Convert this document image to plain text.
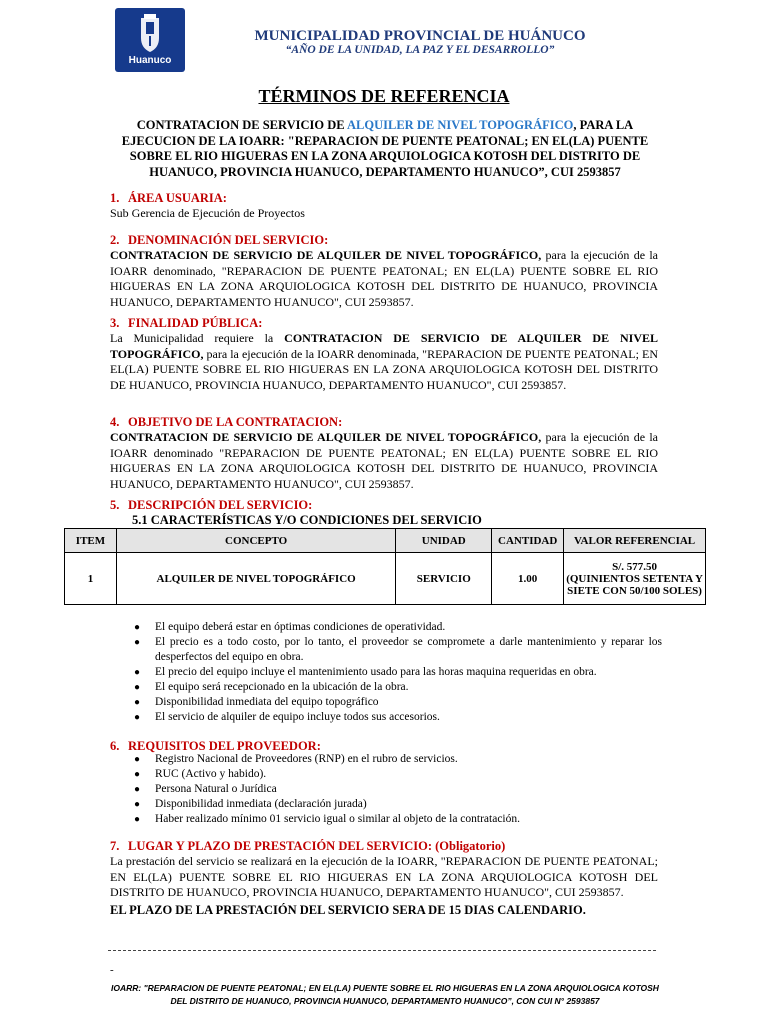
Huanuco
MUNICIPALIDAD PROVINCIAL DE HUÁNUCO
“AÑO DE LA UNIDAD, LA PAZ Y EL DESARROLLO”
TÉRMINOS DE REFERENCIA
CONTRATACION DE SERVICIO DE ALQUILER DE NIVEL TOPOGRÁFICO, PARA LA EJECUCION DE LA IOARR: "REPARACION DE PUENTE PEATONAL; EN EL(LA) PUENTE SOBRE EL RIO HIGUERAS EN LA ZONA ARQUIOLOGICA KOTOSH DEL DISTRITO DE HUANUCO, PROVINCIA HUANUCO, DEPARTAMENTO HUANUCO”, CUI 2593857
1. ÁREA USUARIA:
Sub Gerencia de Ejecución de Proyectos
2. DENOMINACIÓN DEL SERVICIO:
CONTRATACION DE SERVICIO DE ALQUILER DE NIVEL TOPOGRÁFICO, para la ejecución de la IOARR denominado, "REPARACION DE PUENTE PEATONAL; EN EL(LA) PUENTE SOBRE EL RIO HIGUERAS EN LA ZONA ARQUIOLOGICA KOTOSH DEL DISTRITO DE HUANUCO, PROVINCIA HUANUCO, DEPARTAMENTO HUANUCO", CUI 2593857.
3. FINALIDAD PÚBLICA:
La Municipalidad requiere la CONTRATACION DE SERVICIO DE ALQUILER DE NIVEL TOPOGRÁFICO, para la ejecución de la IOARR denominada, "REPARACION DE PUENTE PEATONAL; EN EL(LA) PUENTE SOBRE EL RIO HIGUERAS EN LA ZONA ARQUIOLOGICA KOTOSH DEL DISTRITO DE HUANUCO, PROVINCIA HUANUCO, DEPARTAMENTO HUANUCO", CUI 2593857.
4. OBJETIVO DE LA CONTRATACION:
CONTRATACION DE SERVICIO DE ALQUILER DE NIVEL TOPOGRÁFICO, para la ejecución de la IOARR denominado "REPARACION DE PUENTE PEATONAL; EN EL(LA) PUENTE SOBRE EL RIO HIGUERAS EN LA ZONA ARQUIOLOGICA KOTOSH DEL DISTRITO DE HUANUCO, PROVINCIA HUANUCO, DEPARTAMENTO HUANUCO", CUI 2593857.
5. DESCRIPCIÓN DEL SERVICIO:
5.1 CARACTERÍSTICAS Y/O CONDICIONES DEL SERVICIO
ITEM	CONCEPTO	UNIDAD	CANTIDAD	VALOR REFERENCIAL
1	ALQUILER DE NIVEL TOPOGRÁFICO	SERVICIO	1.00	S/. 577.50
(QUINIENTOS SETENTA Y SIETE CON 50/100 SOLES)
● El equipo deberá estar en óptimas condiciones de operatividad.
● El precio es a todo costo, por lo tanto, el proveedor se compromete a darle mantenimiento y reparar los desperfectos del equipo en obra.
● El precio del equipo incluye el mantenimiento usado para las horas maquina requeridas en obra.
● El equipo será recepcionado en la ubicación de la obra.
● Disponibilidad inmediata del equipo topográfico
● El servicio de alquiler de equipo incluye todos sus accesorios.
6. REQUISITOS DEL PROVEEDOR:
● Registro Nacional de Proveedores (RNP) en el rubro de servicios.
● RUC (Activo y habido).
● Persona Natural o Jurídica
● Disponibilidad inmediata (declaración jurada)
● Haber realizado mínimo 01 servicio igual o similar al objeto de la contratación.
7. LUGAR Y PLAZO DE PRESTACIÓN DEL SERVICIO: (Obligatorio)
La prestación del servicio se realizará en la ejecución de la IOARR, "REPARACION DE PUENTE PEATONAL; EN EL(LA) PUENTE SOBRE EL RIO HIGUERAS EN LA ZONA ARQUIOLOGICA KOTOSH DEL DISTRITO DE HUANUCO, PROVINCIA HUANUCO, DEPARTAMENTO HUANUCO", CUI 2593857.
EL PLAZO DE LA PRESTACIÓN DEL SERVICIO SERA DE 15 DIAS CALENDARIO.
-
IOARR: "REPARACION DE PUENTE PEATONAL; EN EL(LA) PUENTE SOBRE EL RIO HIGUERAS EN LA ZONA ARQUIOLOGICA KOTOSH
DEL DISTRITO DE HUANUCO, PROVINCIA HUANUCO, DEPARTAMENTO HUANUCO”, CON CUI N° 2593857
